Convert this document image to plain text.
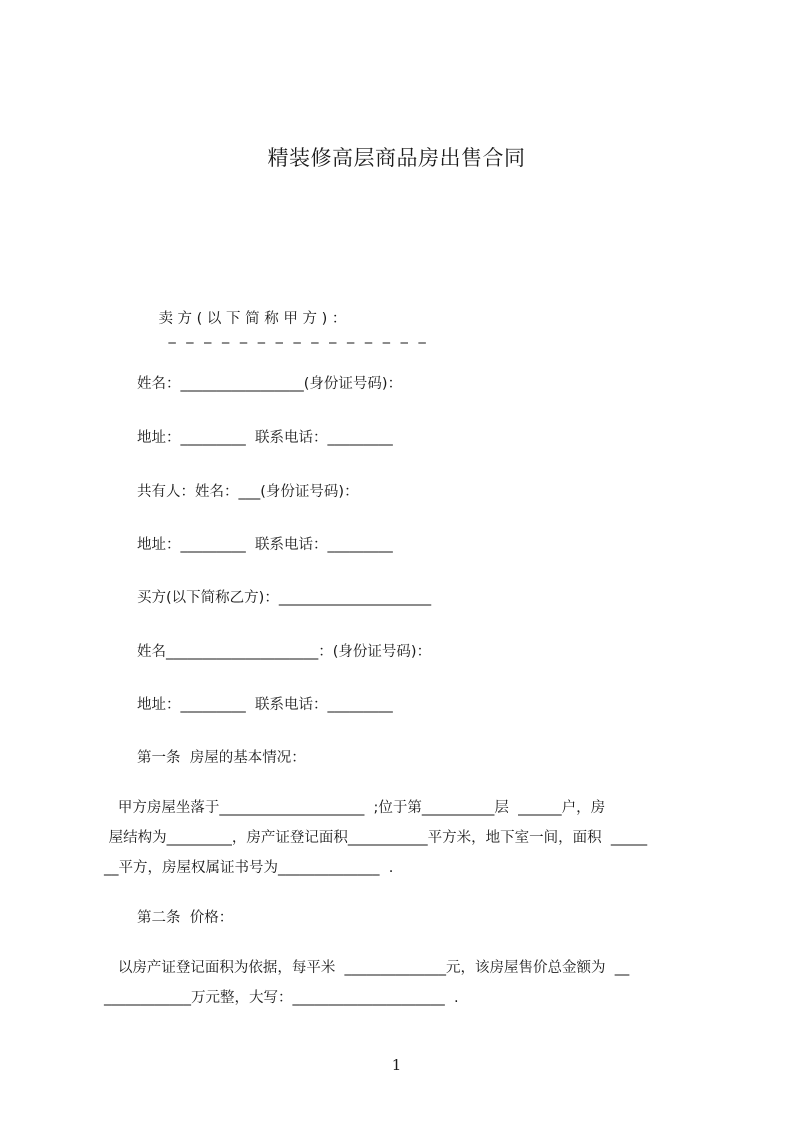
精装修高层商品房出售合同

卖 方 ( 以 下 简 称 甲 方 ) ：
_ _ _ _ _ _ _ _ _ _ _ _ _ _ _

姓名：_________________(身份证号码)：

地址：_________  联系电话：_________

共有人：姓名：___(身份证号码)：

地址：_________  联系电话：_________

买方(以下简称乙方)：_____________________

姓名_____________________：(身份证号码)：

地址：_________  联系电话：_________

第一条  房屋的基本情况：

甲方房屋坐落于____________________  ;位于第__________层  ______户，房
屋结构为_________，房产证登记面积___________平方米，地下室一间，面积  _____
__平方，房屋权属证书号为______________  .

第二条  价格：

以房产证登记面积为依据，每平米  ______________元，该房屋售价总金额为  __
____________万元整，大写：_____________________  .

1
